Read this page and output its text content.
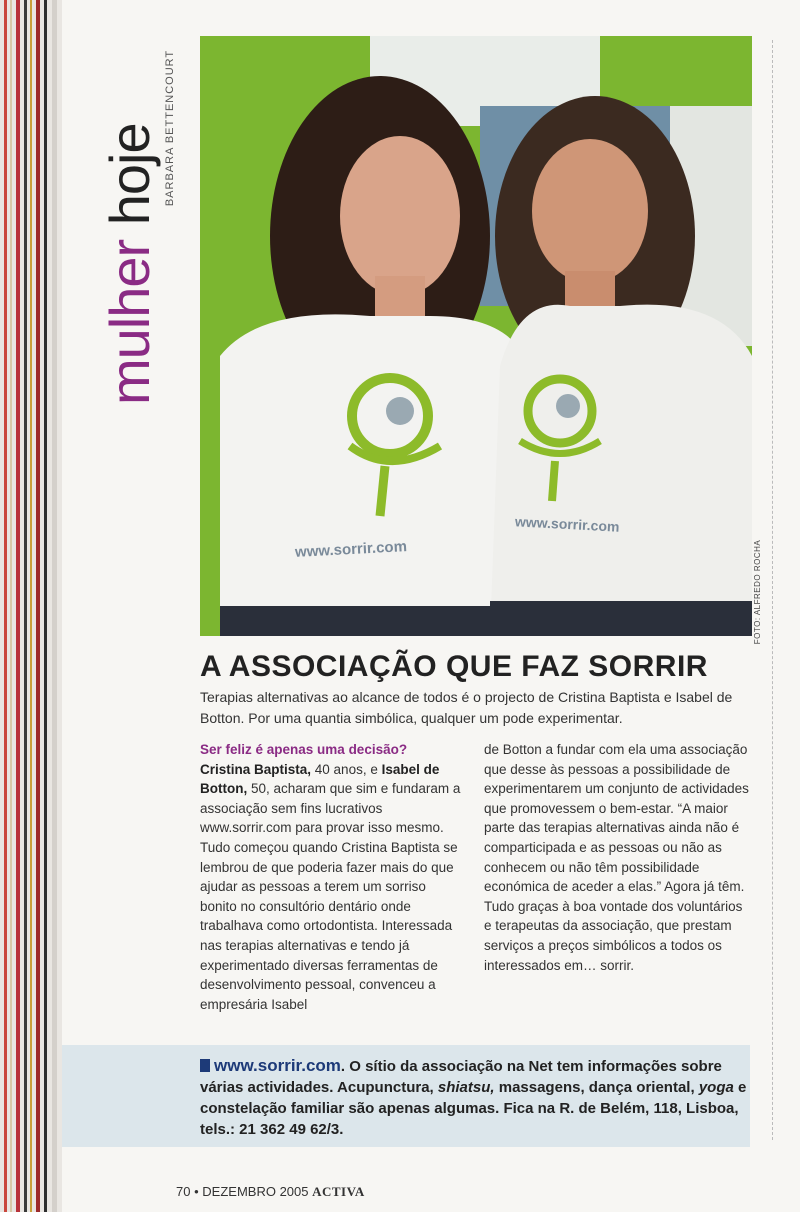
mulher hoje BARBARA BETTENCOURT
www.sorrir.com
www.sorrir.com
FOTO: ALFREDO ROCHA
A ASSOCIAÇÃO QUE FAZ SORRIR
Terapias alternativas ao alcance de todos é o projecto de Cristina Baptista e Isabel de Botton. Por uma quantia simbólica, qualquer um pode experimentar.

Ser feliz é apenas uma decisão?
Cristina Baptista, 40 anos, e Isabel de Botton, 50, acharam que sim e fundaram a associação sem fins lucrativos www.sorrir.com para provar isso mesmo. Tudo começou quando Cristina Baptista se lembrou de que poderia fazer mais do que ajudar as pessoas a terem um sorriso bonito no consultório dentário onde trabalhava como ortodontista. Interessada nas terapias alternativas e tendo já experimentado diversas ferramentas de desenvolvimento pessoal, convenceu a empresária Isabel

de Botton a fundar com ela uma associação que desse às pessoas a possibilidade de experimentarem um conjunto de actividades que promovessem o bem-estar. “A maior parte das terapias alternativas ainda não é comparticipada e as pessoas ou não as conhecem ou não têm possibilidade económica de aceder a elas.” Agora já têm. Tudo graças à boa vontade dos voluntários e terapeutas da associação, que prestam serviços a preços simbólicos a todos os interessados em… sorrir.

www.sorrir.com. O sítio da associação na Net tem informações sobre várias actividades. Acupunctura, shiatsu, massagens, dança oriental, yoga e constelação familiar são apenas algumas. Fica na R. de Belém, 118, Lisboa, tels.: 21 362 49 62/3.
70 • DEZEMBRO 2005 ACTIVA
